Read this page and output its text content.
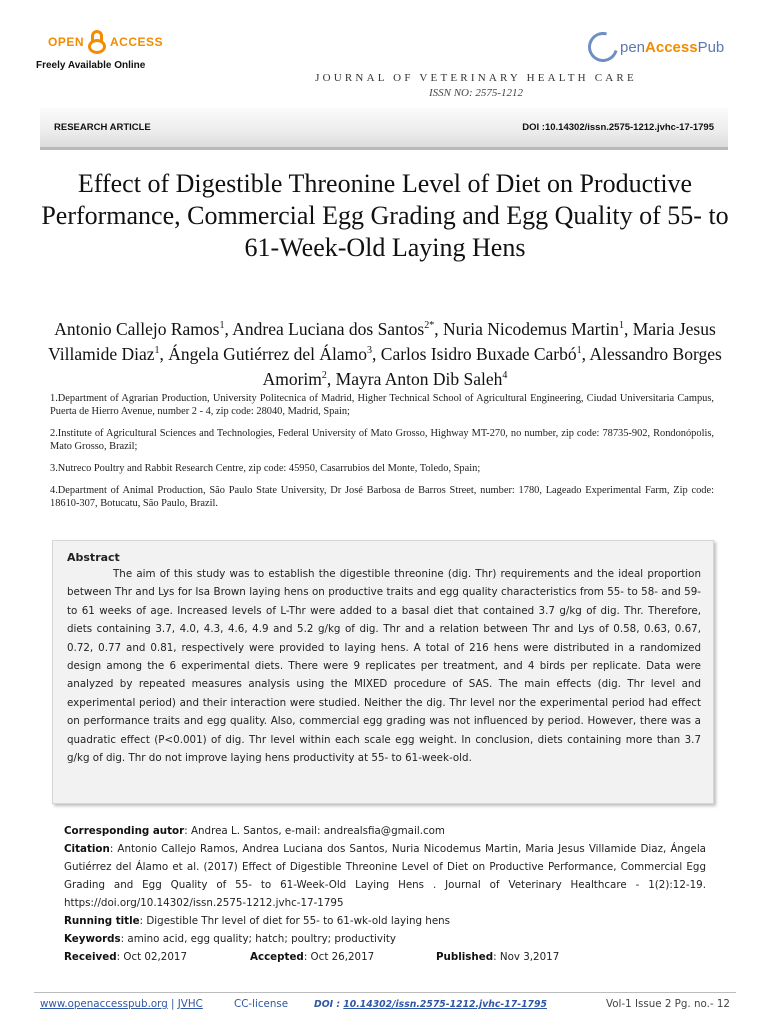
OPEN ACCESS
Freely Available Online
penAccessPub
JOURNAL OF VETERINARY HEALTH CARE
ISSN NO: 2575-1212
RESEARCH ARTICLE	DOI :10.14302/issn.2575-1212.jvhc-17-1795
Effect of Digestible Threonine Level of Diet on Productive Performance, Commercial Egg Grading and Egg Quality of 55- to 61-Week-Old Laying Hens
Antonio Callejo Ramos$^1$, Andrea Luciana dos Santos$^{2*}$, Nuria Nicodemus Martin$^1$, Maria Jesus Villamide Diaz$^1$, Ángela Gutiérrez del Álamo$^3$, Carlos Isidro Buxade Carbó$^1$, Alessandro Borges Amorim$^2$, Mayra Anton Dib Saleh$^4$

1.Department of Agrarian Production, University Politecnica of Madrid, Higher Technical School of Agricultural Engineering, Ciudad Universitaria Campus, Puerta de Hierro Avenue, number 2 - 4, zip code: 28040, Madrid, Spain;

2.Institute of Agricultural Sciences and Technologies, Federal University of Mato Grosso, Highway MT-270, no number, zip code: 78735-902, Rondonópolis, Mato Grosso, Brazil;

3.Nutreco Poultry and Rabbit Research Centre, zip code: 45950, Casarrubios del Monte, Toledo, Spain;

4.Department of Animal Production, São Paulo State University, Dr José Barbosa de Barros Street, number: 1780, Lageado Experimental Farm, Zip code: 18610-307, Botucatu, São Paulo, Brazil.

Abstract

The aim of this study was to establish the digestible threonine (dig. Thr) requirements and the ideal proportion between Thr and Lys for Isa Brown laying hens on productive traits and egg quality characteristics from 55- to 58- and 59- to 61 weeks of age. Increased levels of L-Thr were added to a basal diet that contained 3.7 g/kg of dig. Thr. Therefore, diets containing 3.7, 4.0, 4.3, 4.6, 4.9 and 5.2 g/kg of dig. Thr and a relation between Thr and Lys of 0.58, 0.63, 0.67, 0.72, 0.77 and 0.81, respectively were provided to laying hens. A total of 216 hens were distributed in a randomized design among the 6 experimental diets. There were 9 replicates per treatment, and 4 birds per replicate. Data were analyzed by repeated measures analysis using the MIXED procedure of SAS. The main effects (dig. Thr level and experimental period) and their interaction were studied. Neither the dig. Thr level nor the experimental period had effect on performance traits and egg quality. Also, commercial egg grading was not influenced by period. However, there was a quadratic effect (P<0.001) of dig. Thr level within each scale egg weight. In conclusion, diets containing more than 3.7 g/kg of dig. Thr do not improve laying hens productivity at 55- to 61-week-old.

Corresponding autor: Andrea L. Santos, e-mail: andrealsfia@gmail.com
Citation: Antonio Callejo Ramos, Andrea Luciana dos Santos, Nuria Nicodemus Martin, Maria Jesus Villamide Diaz, Ángela Gutiérrez del Álamo et al. (2017) Effect of Digestible Threonine Level of Diet on Productive Performance, Commercial Egg Grading and Egg Quality of 55- to 61-Week-Old Laying Hens . Journal of Veterinary Healthcare - 1(2):12-19. https://doi.org/10.14302/issn.2575-1212.jvhc-17-1795
Running title: Digestible Thr level of diet for 55- to 61-wk-old laying hens
Keywords: amino acid, egg quality; hatch; poultry; productivity
Received: Oct 02,2017	Accepted: Oct 26,2017	Published: Nov 3,2017
www.openaccesspub.org | JVHC	CC-license	DOI : 10.14302/issn.2575-1212.jvhc-17-1795	Vol-1 Issue 2 Pg. no.- 12
